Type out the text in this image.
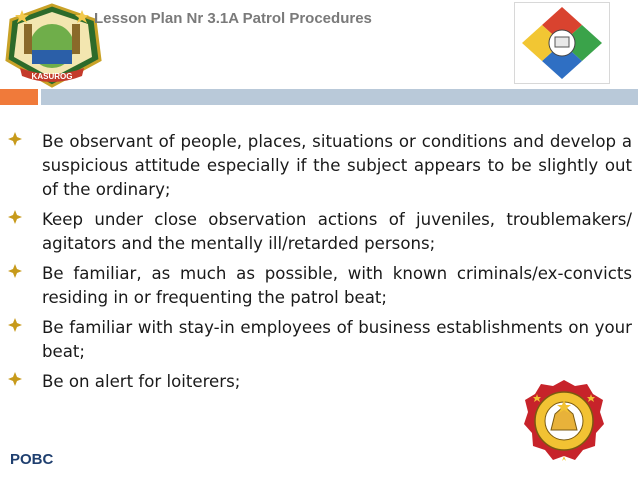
KASUROG
Lesson Plan Nr 3.1A Patrol Procedures
Be observant of people, places, situations or conditions and develop a suspicious attitude especially if the subject appears to be slightly out of the ordinary;
Keep under close observation actions of juveniles, troublemakers/ agitators and the mentally ill/retarded persons;
Be familiar, as much as possible, with known criminals/ex-convicts residing in or frequenting the patrol beat;
Be familiar with stay-in employees of business establishments on your beat;
Be on alert for loiterers;
POBC
